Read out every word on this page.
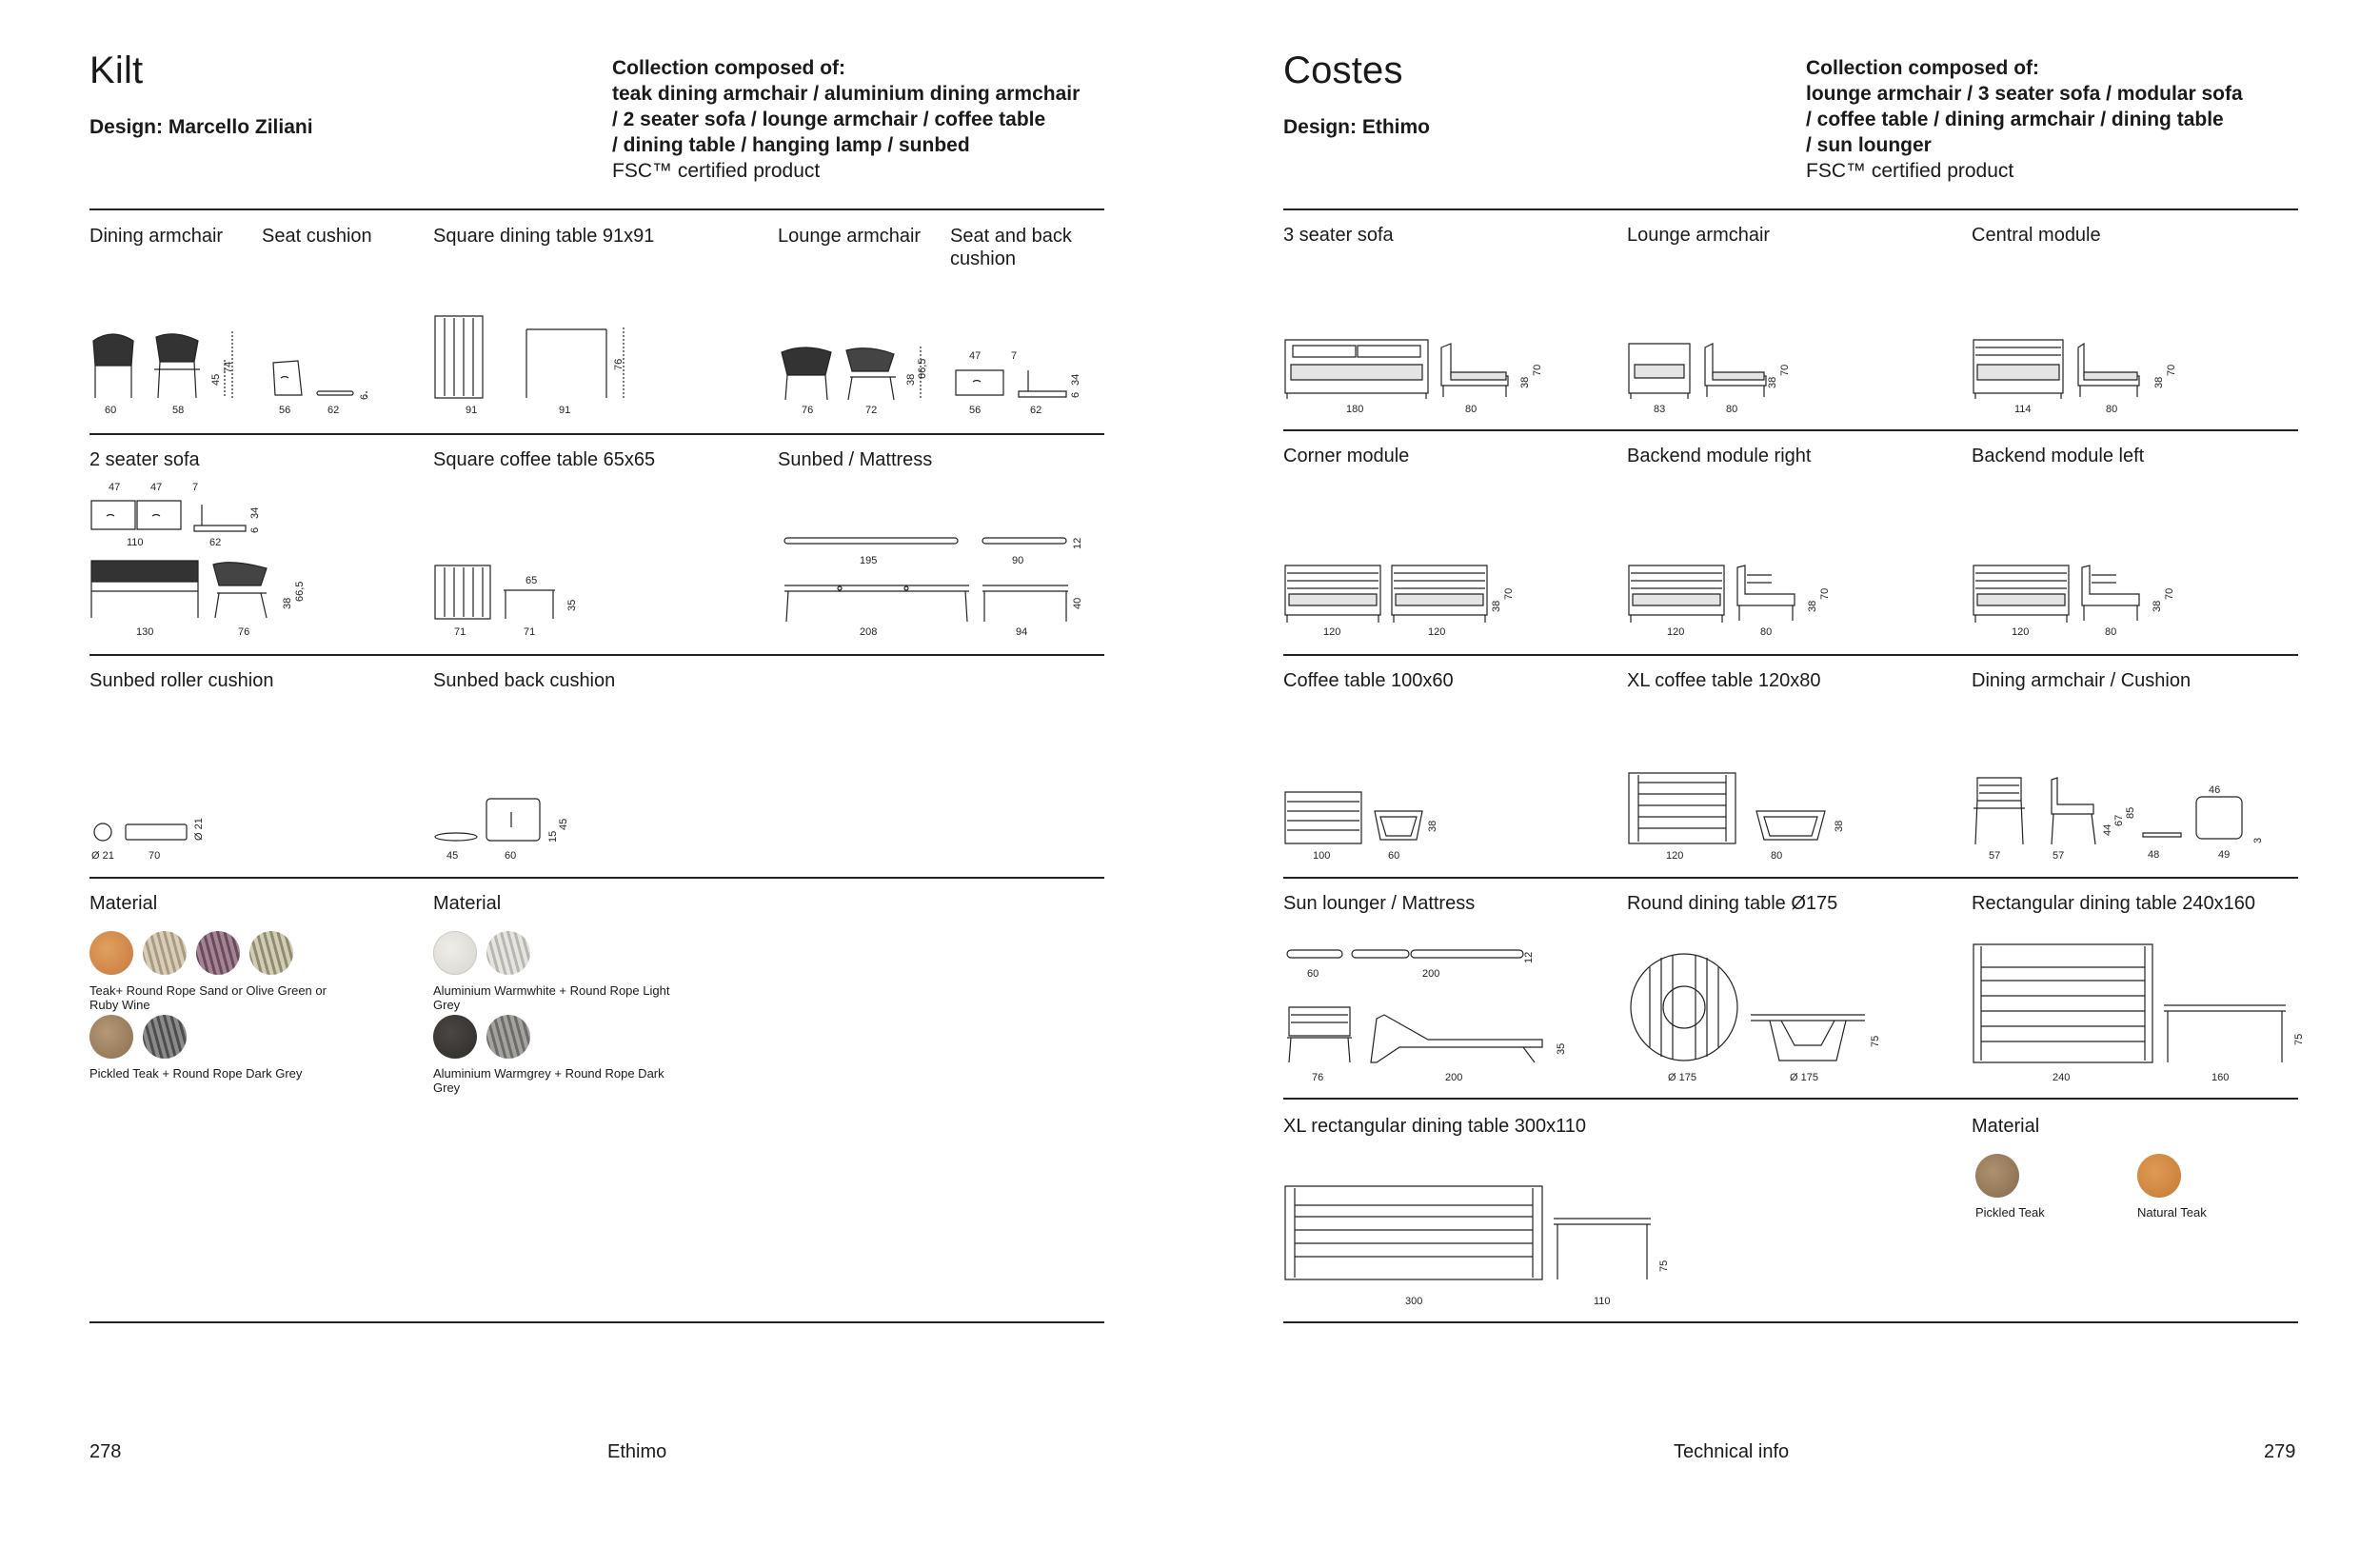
Kilt
Design: Marcello Ziliani
Collection composed of:
teak dining armchair / aluminium dining armchair
/ 2 seater sofa / lounge armchair / coffee table
/ dining table / hanging lamp / sunbed
FSC™ certified product
Dining armchair Seat cushion	Square dining table 91x91	Lounge armchair Seat and back cushion
60	58
45
74
56	62
6
91	91
76
76	72
38
66,5
47	7
56	62
6
34
2 seater sofa	Square coffee table 65x65	Sunbed / Mattress
47	47	7
110	62
6
34
130	76
38
66,5
71	71
65
35
195	90
12
208	94
40
Sunbed roller cushion	Sunbed back cushion
Ø 21	70
Ø 21
45	60
15
45
Material	Material
Teak+ Round Rope Sand or Olive Green or Ruby Wine
Pickled Teak + Round Rope Dark Grey
Aluminium Warmwhite + Round Rope Light Grey
Aluminium Warmgrey + Round Rope Dark Grey
278	Ethimo
Costes
Design: Ethimo
Collection composed of:
lounge armchair / 3 seater sofa / modular sofa
/ coffee table / dining armchair / dining table
/ sun lounger
FSC™ certified product
3 seater sofa	Lounge armchair	Central module
180	80
38
70
83	80
38
70
114	80
38
70
Corner module	Backend module right	Backend module left
120	120
38
70
120	80
38
70
120	80
38
70
Coffee table 100x60	XL coffee table 120x80	Dining armchair / Cushion
100	60
38
120	80
38
57	57
44
67
85
46
48	49
3
Sun lounger / Mattress	Round dining table Ø175	Rectangular dining table 240x160
60	200
12
76	200
35
Ø 175	Ø 175
75
240	160
75
XL rectangular dining table 300x110	Material
300	110
75
Pickled Teak	Natural Teak
Technical info	279
